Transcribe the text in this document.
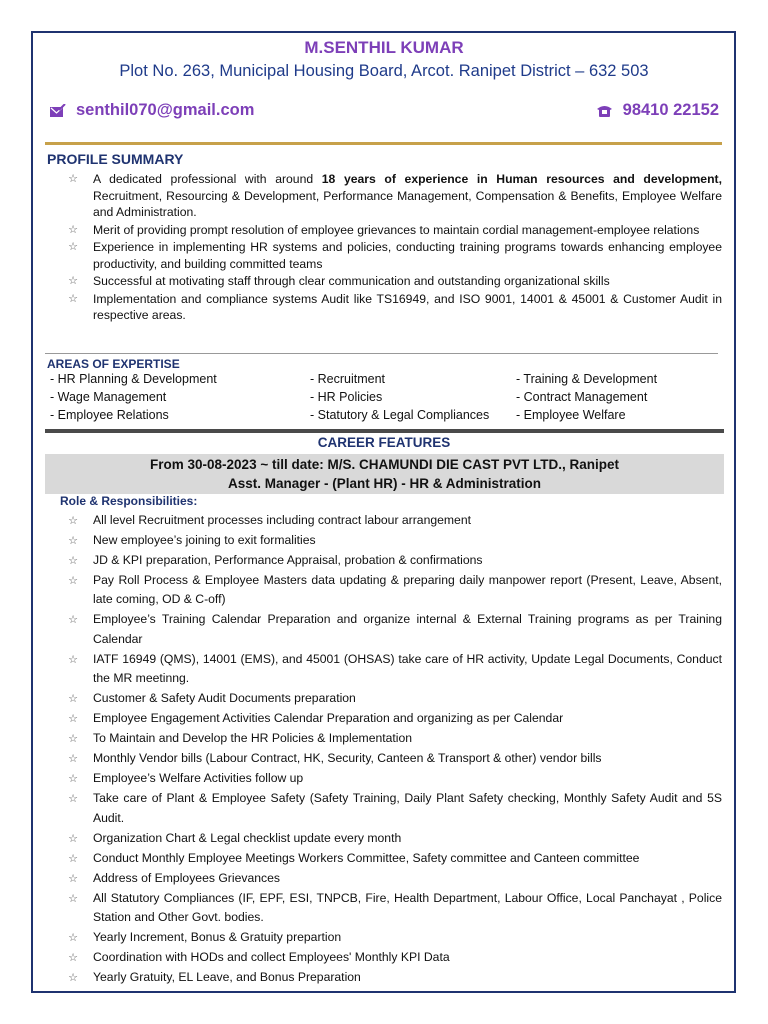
M.SENTHIL KUMAR
Plot No. 263, Municipal Housing Board, Arcot. Ranipet District – 632 503
senthil070@gmail.com	98410 22152
PROFILE SUMMARY
☆ A dedicated professional with around 18 years of experience in Human resources and development, Recruitment, Resourcing & Development, Performance Management, Compensation & Benefits, Employee Welfare and Administration.
☆ Merit of providing prompt resolution of employee grievances to maintain cordial management-employee relations
☆ Experience in implementing HR systems and policies, conducting training programs towards enhancing employee productivity, and building committed teams
☆ Successful at motivating staff through clear communication and outstanding organizational skills
☆ Implementation and compliance systems Audit like TS16949, and ISO 9001, 14001 & 45001 & Customer Audit in respective areas.
AREAS OF EXPERTISE
- HR Planning & Development	- Recruitment	- Training & Development
- Wage Management	- HR Policies	- Contract Management
- Employee Relations	- Statutory & Legal Compliances - Employee Welfare
CAREER FEATURES
From 30-08-2023 ~ till date: M/S. CHAMUNDI DIE CAST PVT LTD., Ranipet
Asst. Manager - (Plant HR) - HR & Administration
Role & Responsibilities:
☆ All level Recruitment processes including contract labour arrangement
☆ New employee’s joining to exit formalities
☆ JD & KPI preparation, Performance Appraisal, probation & confirmations
☆ Pay Roll Process & Employee Masters data updating & preparing daily manpower report (Present, Leave, Absent, late coming, OD & C-off)
☆ Employee’s Training Calendar Preparation and organize internal & External Training programs as per Training Calendar
☆ IATF 16949 (QMS), 14001 (EMS), and 45001 (OHSAS) take care of HR activity, Update Legal Documents, Conduct the MR meetinng.
☆ Customer & Safety Audit Documents preparation
☆ Employee Engagement Activities Calendar Preparation and organizing as per Calendar
☆ To Maintain and Develop the HR Policies & Implementation
☆ Monthly Vendor bills (Labour Contract, HK, Security, Canteen & Transport & other) vendor bills
☆ Employee’s Welfare Activities follow up
☆ Take care of Plant & Employee Safety (Safety Training, Daily Plant Safety checking, Monthly Safety Audit and 5S Audit.
☆ Organization Chart & Legal checklist update every month
☆ Conduct Monthly Employee Meetings Workers Committee, Safety committee and Canteen committee
☆ Address of Employees Grievances
☆ All Statutory Compliances (IF, EPF, ESI, TNPCB, Fire, Health Department, Labour Office, Local Panchayat , Police Station and Other Govt. bodies.
☆ Yearly Increment, Bonus & Gratuity prepartion
☆ Coordination with HODs and collect Employees' Monthly KPI Data
☆ Yearly Gratuity, EL Leave, and Bonus Preparation
